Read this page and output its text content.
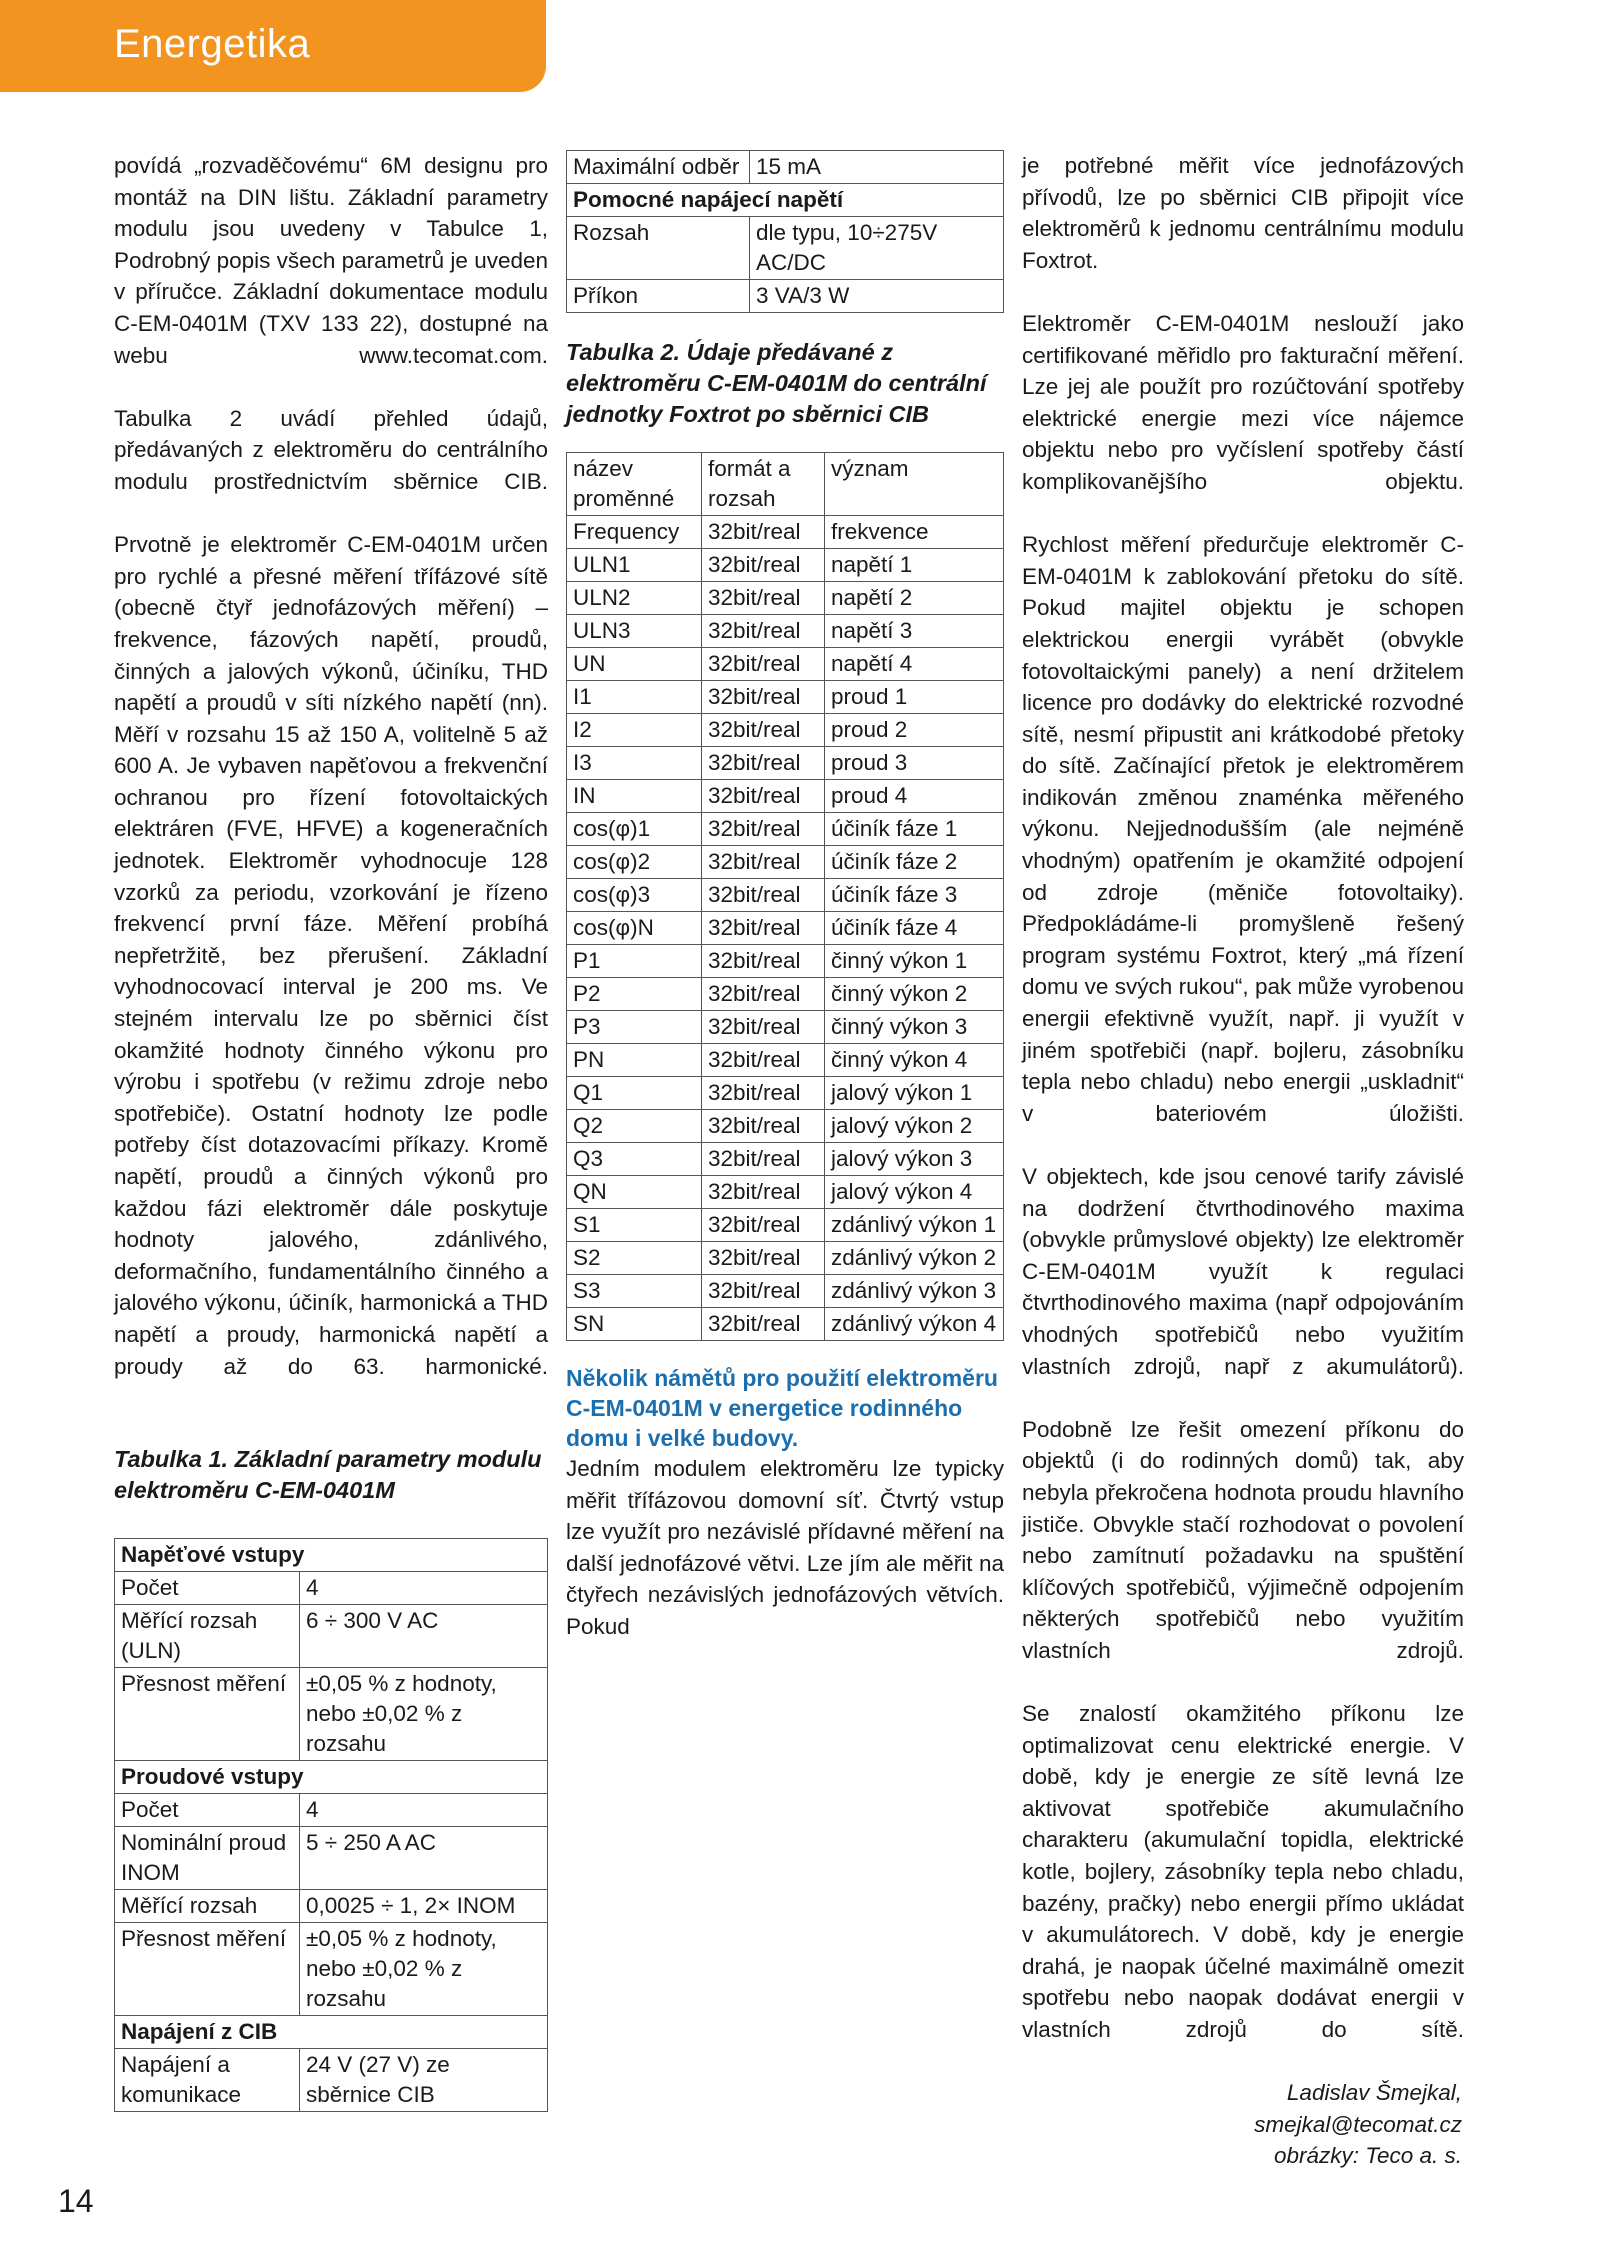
Energetika

povídá „rozvaděčovému“ 6M designu pro montáž na DIN lištu. Základní parametry modulu jsou uvedeny v Tabulce 1, Podrobný popis všech parametrů je uveden v příručce. Základní dokumentace modulu C-EM-0401M (TXV 133 22), dostupné na webu www.tecomat.com.

Tabulka 2 uvádí přehled údajů, předávaných z elektroměru do centrálního modulu prostřednictvím sběrnice CIB.

Prvotně je elektroměr C-EM-0401M určen pro rychlé a přesné měření třífázové sítě (obecně čtyř jednofázových měření) – frekvence, fázových napětí, proudů, činných a jalových výkonů, účiníku, THD napětí a proudů v síti nízkého napětí (nn). Měří v rozsahu 15 až 150 A, volitelně 5 až 600 A. Je vybaven napěťovou a frekvenční ochranou pro řízení fotovoltaických elektráren (FVE, HFVE) a kogeneračních jednotek. Elektroměr vyhodnocuje 128 vzorků za periodu, vzorkování je řízeno frekvencí první fáze. Měření probíhá nepřetržitě, bez přerušení. Základní vyhodnocovací interval je 200 ms. Ve stejném intervalu lze po sběrnici číst okamžité hodnoty činného výkonu pro výrobu i spotřebu (v režimu zdroje nebo spotřebiče). Ostatní hodnoty lze podle potřeby číst dotazovacími příkazy. Kromě napětí, proudů a činných výkonů pro každou fázi elektroměr dále poskytuje hodnoty jalového, zdánlivého, deformačního, fundamentálního činného a jalového výkonu, účiník, harmonická a THD napětí a proudy, harmonická napětí a proudy až do 63. harmonické.

Tabulka 1. Základní parametry modulu elektroměru C-EM-0401M

Napěťové vstupy	
Počet	4
Měřící rozsah (ULN)	6 ÷ 300 V AC
Přesnost měření	±0,05 % z hodnoty, nebo ±0,02 % z rozsahu
Proudové vstupy	
Počet	4
Nominální proud INOM	5 ÷ 250 A AC
Měřící rozsah	0,0025 ÷ 1, 2× INOM
Přesnost měření	±0,05 % z hodnoty, nebo ±0,02 % z rozsahu
Napájení z CIB	
Napájení a komunikace	24 V (27 V) ze sběrnice CIB
Maximální odběr	15 mA
Pomocné napájecí napětí	
Rozsah	dle typu, 10÷275V AC/DC
Příkon	3 VA/3 W

Tabulka 2. Údaje předávané z elektroměru C-EM-0401M do centrální jednotky Foxtrot po sběrnici CIB

název proměnné	formát a rozsah	význam
Frequency	32bit/real	frekvence
ULN1	32bit/real	napětí 1
ULN2	32bit/real	napětí 2
ULN3	32bit/real	napětí 3
UN	32bit/real	napětí 4
I1	32bit/real	proud 1
I2	32bit/real	proud 2
I3	32bit/real	proud 3
IN	32bit/real	proud 4
cos(φ)1	32bit/real	účiník fáze 1
cos(φ)2	32bit/real	účiník fáze 2
cos(φ)3	32bit/real	účiník fáze 3
cos(φ)N	32bit/real	účiník fáze 4
P1	32bit/real	činný výkon 1
P2	32bit/real	činný výkon 2
P3	32bit/real	činný výkon 3
PN	32bit/real	činný výkon 4
Q1	32bit/real	jalový výkon 1
Q2	32bit/real	jalový výkon 2
Q3	32bit/real	jalový výkon 3
QN	32bit/real	jalový výkon 4
S1	32bit/real	zdánlivý výkon 1
S2	32bit/real	zdánlivý výkon 2
S3	32bit/real	zdánlivý výkon 3
SN	32bit/real	zdánlivý výkon 4

Několik námětů pro použití elektroměru C-EM-0401M v energetice rodinného domu i velké budovy.

Jedním modulem elektroměru lze typicky měřit třífázovou domovní síť. Čtvrtý vstup lze využít pro nezávislé přídavné měření na další jednofázové větvi. Lze jím ale měřit na čtyřech nezávislých jednofázových větvích. Pokud

je potřebné měřit více jednofázových přívodů, lze po sběrnici CIB připojit více elektroměrů k jednomu centrálnímu modulu Foxtrot.

Elektroměr C-EM-0401M neslouží jako certifikované měřidlo pro fakturační měření. Lze jej ale použít pro rozúčtování spotřeby elektrické energie mezi více nájemce objektu nebo pro vyčíslení spotřeby částí komplikovanějšího objektu.

Rychlost měření předurčuje elektroměr C-EM-0401M k zablokování přetoku do sítě. Pokud majitel objektu je schopen elektrickou energii vyrábět (obvykle fotovoltaickými panely) a není držitelem licence pro dodávky do elektrické rozvodné sítě, nesmí připustit ani krátkodobé přetoky do sítě. Začínající přetok je elektroměrem indikován změnou znaménka měřeného výkonu. Nejjednodušším (ale nejméně vhodným) opatřením je okamžité odpojení od zdroje (měniče fotovoltaiky). Předpokládáme-li promyšleně řešený program systému Foxtrot, který „má řízení domu ve svých rukou“, pak může vyrobenou energii efektivně využít, např. ji využít v jiném spotřebiči (např. bojleru, zásobníku tepla nebo chladu) nebo energii „uskladnit“ v bateriovém úložišti.

V objektech, kde jsou cenové tarify závislé na dodržení čtvrthodinového maxima (obvykle průmyslové objekty) lze elektroměr C-EM-0401M využít k regulaci čtvrthodinového maxima (např odpojováním vhodných spotřebičů nebo využitím vlastních zdrojů, např z akumulátorů).

Podobně lze řešit omezení příkonu do objektů (i do rodinných domů) tak, aby nebyla překročena hodnota proudu hlavního jističe. Obvykle stačí rozhodovat o povolení nebo zamítnutí požadavku na spuštění klíčových spotřebičů, výjimečně odpojením některých spotřebičů nebo využitím vlastních zdrojů.

Se znalostí okamžitého příkonu lze optimalizovat cenu elektrické energie. V době, kdy je energie ze sítě levná lze aktivovat spotřebiče akumulačního charakteru (akumulační topidla, elektrické kotle, bojlery, zásobníky tepla nebo chladu, bazény, pračky) nebo energii přímo ukládat v akumulátorech. V době, kdy je energie drahá, je naopak účelné maximálně omezit spotřebu nebo naopak dodávat energii v vlastních zdrojů do sítě.

Ladislav Šmejkal,

smejkal@tecomat.cz

obrázky: Teco a. s.

14
